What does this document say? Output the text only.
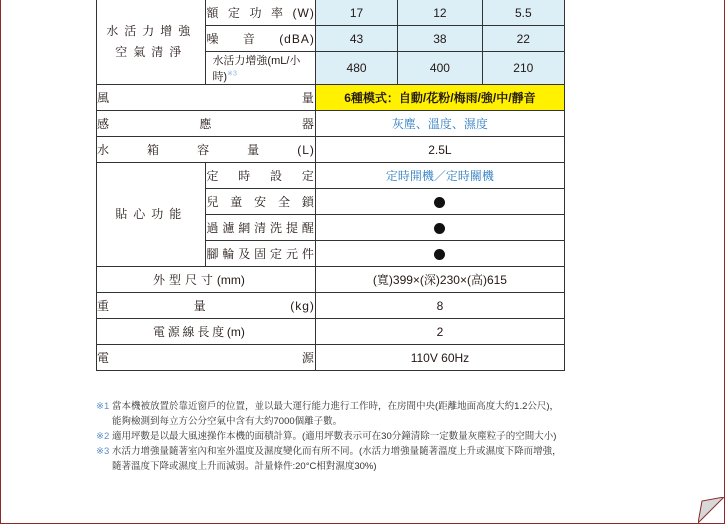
水活力增強
空氣清淨	額定功率(W)	17	12	5.5
	噪音(dBA)	43	38	22
	水活力增強(mL/小時)$^{※3}$	480	400	210
風量		6種模式：自動/花粉/梅雨/強/中/靜音		
感應器		灰塵、溫度、濕度		
水箱容量(L)		2.5L		
貼心功能	定時設定	定時開機／定時關機		
	兒童安全鎖	
	過濾網清洗提醒	
	腳輪及固定元件	
外型尺寸(mm)		(寬)399×(深)230×(高)615		
重量(kg)		8		
電源線長度(m)		2		
電源		110V 60Hz		
※1 當本機被放置於靠近窗戶的位置，並以最大運行能力進行工作時，在房間中央(距離地面高度大約1.2公尺)，
能夠檢測到每立方公分空氣中含有大約7000個離子數。
※2 適用坪數是以最大風速操作本機的面積計算。(適用坪數表示可在30分鐘清除一定數量灰塵粒子的空間大小)
※3 水活力增強量隨著室內和室外溫度及濕度變化而有所不同。(水活力增強量隨著溫度上升或濕度下降而增強，
隨著溫度下降或濕度上升而減弱。計量條件:20°C相對濕度30%)
